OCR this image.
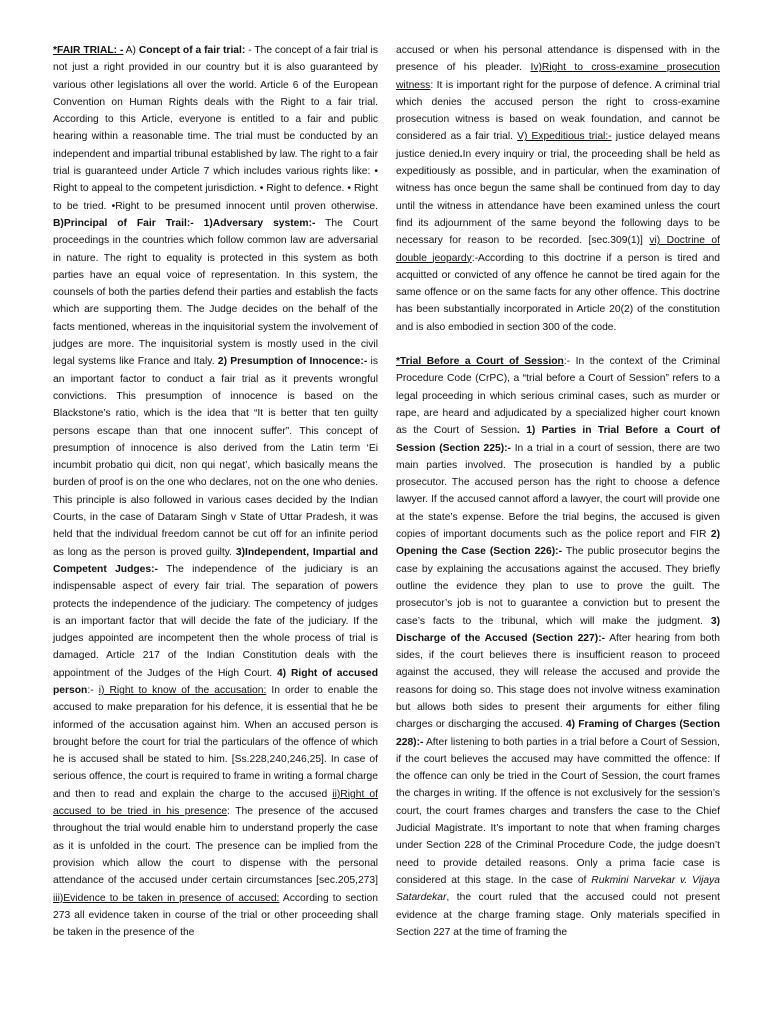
*FAIR TRIAL: - A) Concept of a fair trial: - The concept of a fair trial is not just a right provided in our country but it is also guaranteed by various other legislations all over the world. Article 6 of the European Convention on Human Rights deals with the Right to a fair trial. According to this Article, everyone is entitled to a fair and public hearing within a reasonable time. The trial must be conducted by an independent and impartial tribunal established by law. The right to a fair trial is guaranteed under Article 7 which includes various rights like: • Right to appeal to the competent jurisdiction. • Right to defence. • Right to be tried. •Right to be presumed innocent until proven otherwise. B)Principal of Fair Trail:- 1)Adversary system:- The Court proceedings in the countries which follow common law are adversarial in nature. The right to equality is protected in this system as both parties have an equal voice of representation. In this system, the counsels of both the parties defend their parties and establish the facts which are supporting them. The Judge decides on the behalf of the facts mentioned, whereas in the inquisitorial system the involvement of judges are more. The inquisitorial system is mostly used in the civil legal systems like France and Italy. 2) Presumption of Innocence:- is an important factor to conduct a fair trial as it prevents wrongful convictions. This presumption of innocence is based on the Blackstone’s ratio, which is the idea that “It is better that ten guilty persons escape than that one innocent suffer”. This concept of presumption of innocence is also derived from the Latin term ‘Ei incumbit probatio qui dicit, non qui negat’, which basically means the burden of proof is on the one who declares, not on the one who denies. This principle is also followed in various cases decided by the Indian Courts, in the case of Dataram Singh v State of Uttar Pradesh, it was held that the individual freedom cannot be cut off for an infinite period as long as the person is proved guilty. 3)Independent, Impartial and Competent Judges:- The independence of the judiciary is an indispensable aspect of every fair trial. The separation of powers protects the independence of the judiciary. The competency of judges is an important factor that will decide the fate of the judiciary. If the judges appointed are incompetent then the whole process of trial is damaged. Article 217 of the Indian Constitution deals with the appointment of the Judges of the High Court. 4) Right of accused person:- i) Right to know of the accusation: In order to enable the accused to make preparation for his defence, it is essential that he be informed of the accusation against him. When an accused person is brought before the court for trial the particulars of the offence of which he is accused shall be stated to him. [Ss.228,240,246,25]. In case of serious offence, the court is required to frame in writing a formal charge and then to read and explain the charge to the accused ii)Right of accused to be tried in his presence: The presence of the accused throughout the trial would enable him to understand properly the case as it is unfolded in the court. The presence can be implied from the provision which allow the court to dispense with the personal attendance of the accused under certain circumstances [sec.205,273] iii)Evidence to be taken in presence of accused: According to section 273 all evidence taken in course of the trial or other proceeding shall be taken in the presence of the

accused or when his personal attendance is dispensed with in the presence of his pleader. Iv)Right to cross-examine prosecution witness: It is important right for the purpose of defence. A criminal trial which denies the accused person the right to cross-examine prosecution witness is based on weak foundation, and cannot be considered as a fair trial. V) Expeditious trial:- justice delayed means justice denied.In every inquiry or trial, the proceeding shall be held as expeditiously as possible, and in particular, when the examination of witness has once begun the same shall be continued from day to day until the witness in attendance have been examined unless the court find its adjournment of the same beyond the following days to be necessary for reason to be recorded. [sec.309(1)] vi) Doctrine of double jeopardy:-According to this doctrine if a person is tired and acquitted or convicted of any offence he cannot be tired again for the same offence or on the same facts for any other offence. This doctrine has been substantially incorporated in Article 20(2) of the constitution and is also embodied in section 300 of the code.

*Trial Before a Court of Session:- In the context of the Criminal Procedure Code (CrPC), a “trial before a Court of Session” refers to a legal proceeding in which serious criminal cases, such as murder or rape, are heard and adjudicated by a specialized higher court known as the Court of Session. 1) Parties in Trial Before a Court of Session (Section 225):- In a trial in a court of session, there are two main parties involved. The prosecution is handled by a public prosecutor. The accused person has the right to choose a defence lawyer. If the accused cannot afford a lawyer, the court will provide one at the state’s expense. Before the trial begins, the accused is given copies of important documents such as the police report and FIR 2) Opening the Case (Section 226):- The public prosecutor begins the case by explaining the accusations against the accused. They briefly outline the evidence they plan to use to prove the guilt. The prosecutor’s job is not to guarantee a conviction but to present the case’s facts to the tribunal, which will make the judgment. 3) Discharge of the Accused (Section 227):- After hearing from both sides, if the court believes there is insufficient reason to proceed against the accused, they will release the accused and provide the reasons for doing so. This stage does not involve witness examination but allows both sides to present their arguments for either filing charges or discharging the accused. 4) Framing of Charges (Section 228):- After listening to both parties in a trial before a Court of Session, if the court believes the accused may have committed the offence: If the offence can only be tried in the Court of Session, the court frames the charges in writing. If the offence is not exclusively for the session’s court, the court frames charges and transfers the case to the Chief Judicial Magistrate. It’s important to note that when framing charges under Section 228 of the Criminal Procedure Code, the judge doesn’t need to provide detailed reasons. Only a prima facie case is considered at this stage. In the case of Rukmini Narvekar v. Vijaya Satardekar, the court ruled that the accused could not present evidence at the charge framing stage. Only materials specified in Section 227 at the time of framing the
